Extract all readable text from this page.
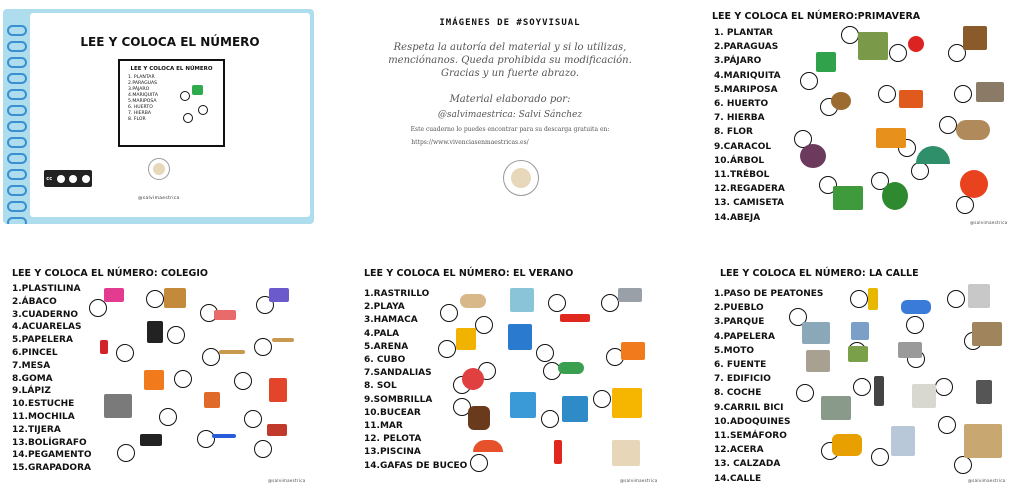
LEE Y COLOCA EL NÚMERO
LEE Y COLOCA EL NÚMERO
1. PLANTAR
2.PARAGUAS
3.PÁJARO
4.MARIQUITA
5.MARIPOSA
6. HUERTO
7. HIERBA
8. FLOR
cc
@salvimaestrica
IMÁGENES DE #SOYVISUAL
Respeta la autoría del material y si lo utilizas,
menciónanos. Queda prohibida su modificación.
Gracias y un fuerte abrazo.
Material elaborado por:
@salvimaestrica: Salvi Sánchez
Este cuaderno lo puedes encontrar para su descarga gratuita en:
https://www.vivenciasenmaestricas.es/
LEE Y COLOCA EL NÚMERO:PRIMAVERA
1. PLANTAR
2.PARAGUAS
3.PÁJARO
4.MARIQUITA
5.MARIPOSA
6. HUERTO
7. HIERBA
8. FLOR
9.CARACOL
10.ÁRBOL
11.TRÉBOL
12.REGADERA
13. CAMISETA
14.ABEJA	@salvimaestrica
LEE Y COLOCA EL NÚMERO: COLEGIO
1.PLASTILINA
2.ÁBACO
3.CUADERNO
4.ACUARELAS
5.PAPELERA
6.PINCEL
7.MESA
8.GOMA
9.LÁPIZ
10.ESTUCHE
11.MOCHILA
12.TIJERA
13.BOLÍGRAFO
14.PEGAMENTO
15.GRAPADORA
@salvimaestrica
LEE Y COLOCA EL NÚMERO: EL VERANO
1.RASTRILLO
2.PLAYA
3.HAMACA
4.PALA
5.ARENA
6. CUBO
7.SANDALIAS
8. SOL
9.SOMBRILLA
10.BUCEAR
11.MAR
12. PELOTA
13.PISCINA
14.GAFAS DE BUCEO
@salvimaestrica
LEE Y COLOCA EL NÚMERO: LA CALLE
1.PASO DE PEATONES
2.PUEBLO
3.PARQUE
4.PAPELERA
5.MOTO
6. FUENTE
7. EDIFICIO
8. COCHE
9.CARRIL BICI
10.ADOQUINES
11.SEMÁFORO
12.ACERA
13. CALZADA
14.CALLE	@salvimaestrica
